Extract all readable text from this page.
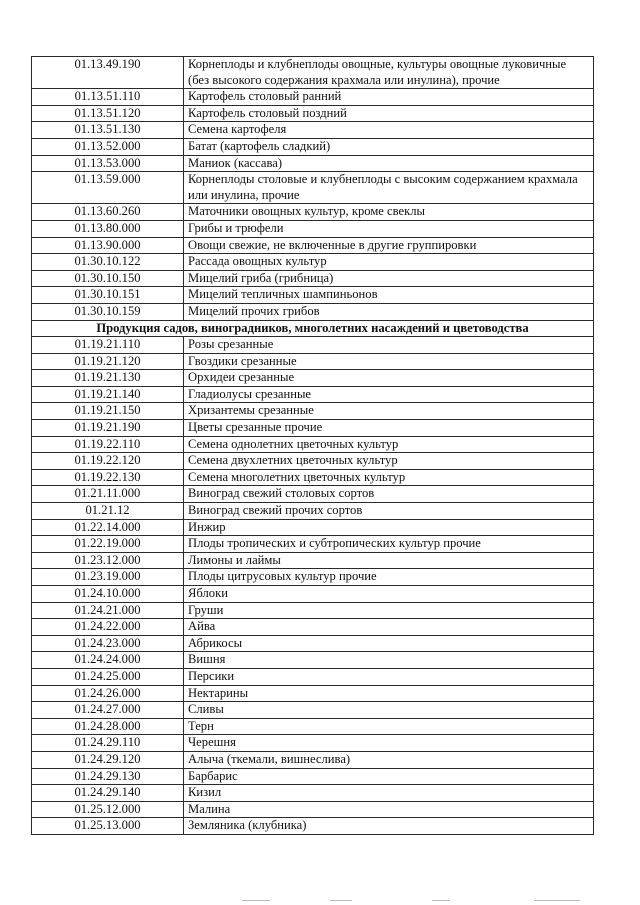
01.13.49.190	Корнеплоды и клубнеплоды овощные, культуры овощные луковичные (без высокого содержания крахмала или инулина), прочие
01.13.51.110	Картофель столовый ранний
01.13.51.120	Картофель столовый поздний
01.13.51.130	Семена картофеля
01.13.52.000	Батат (картофель сладкий)
01.13.53.000	Маниок (кассава)
01.13.59.000	Корнеплоды столовые и клубнеплоды с высоким содержанием крахмала или инулина, прочие
01.13.60.260	Маточники овощных культур, кроме свеклы
01.13.80.000	Грибы и трюфели
01.13.90.000	Овощи свежие, не включенные в другие группировки
01.30.10.122	Рассада овощных культур
01.30.10.150	Мицелий гриба (грибница)
01.30.10.151	Мицелий тепличных шампиньонов
01.30.10.159	Мицелий прочих грибов
Продукция садов, виноградников, многолетних насаждений и цветоводства	
01.19.21.110	Розы срезанные
01.19.21.120	Гвоздики срезанные
01.19.21.130	Орхидеи срезанные
01.19.21.140	Гладиолусы срезанные
01.19.21.150	Хризантемы срезанные
01.19.21.190	Цветы срезанные прочие
01.19.22.110	Семена однолетних цветочных культур
01.19.22.120	Семена двухлетних цветочных культур
01.19.22.130	Семена многолетних цветочных культур
01.21.11.000	Виноград свежий столовых сортов
01.21.12	Виноград свежий прочих сортов
01.22.14.000	Инжир
01.22.19.000	Плоды тропических и субтропических культур прочие
01.23.12.000	Лимоны и лаймы
01.23.19.000	Плоды цитрусовых культур прочие
01.24.10.000	Яблоки
01.24.21.000	Груши
01.24.22.000	Айва
01.24.23.000	Абрикосы
01.24.24.000	Вишня
01.24.25.000	Персики
01.24.26.000	Нектарины
01.24.27.000	Сливы
01.24.28.000	Терн
01.24.29.110	Черешня
01.24.29.120	Алыча (ткемали, вишнеслива)
01.24.29.130	Барбарис
01.24.29.140	Кизил
01.25.12.000	Малина
01.25.13.000	Земляника (клубника)
